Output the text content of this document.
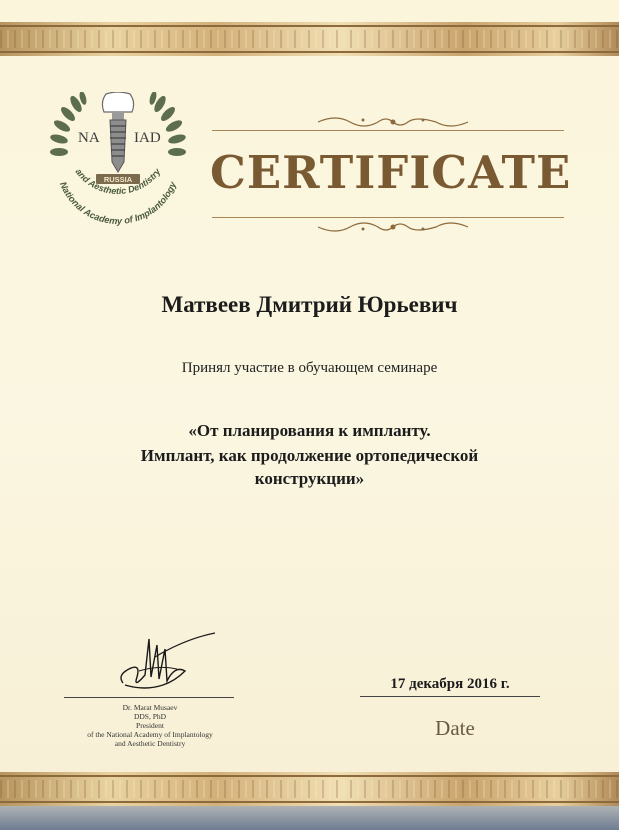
NA IAD
RUSSIA
National Academy of Implantology
and Aesthetic Dentistry CERTIFICATE
Матвеев Дмитрий Юрьевич
Принял участие в обучающем семинаре
«От планирования к импланту.
Имплант, как продолжение ортопедической
конструкции»
Dr. Marat Musaev
DDS, PhD
President
of the National Academy of Implantology
and Aesthetic Dentistry
17 декабря 2016 г.
Date
